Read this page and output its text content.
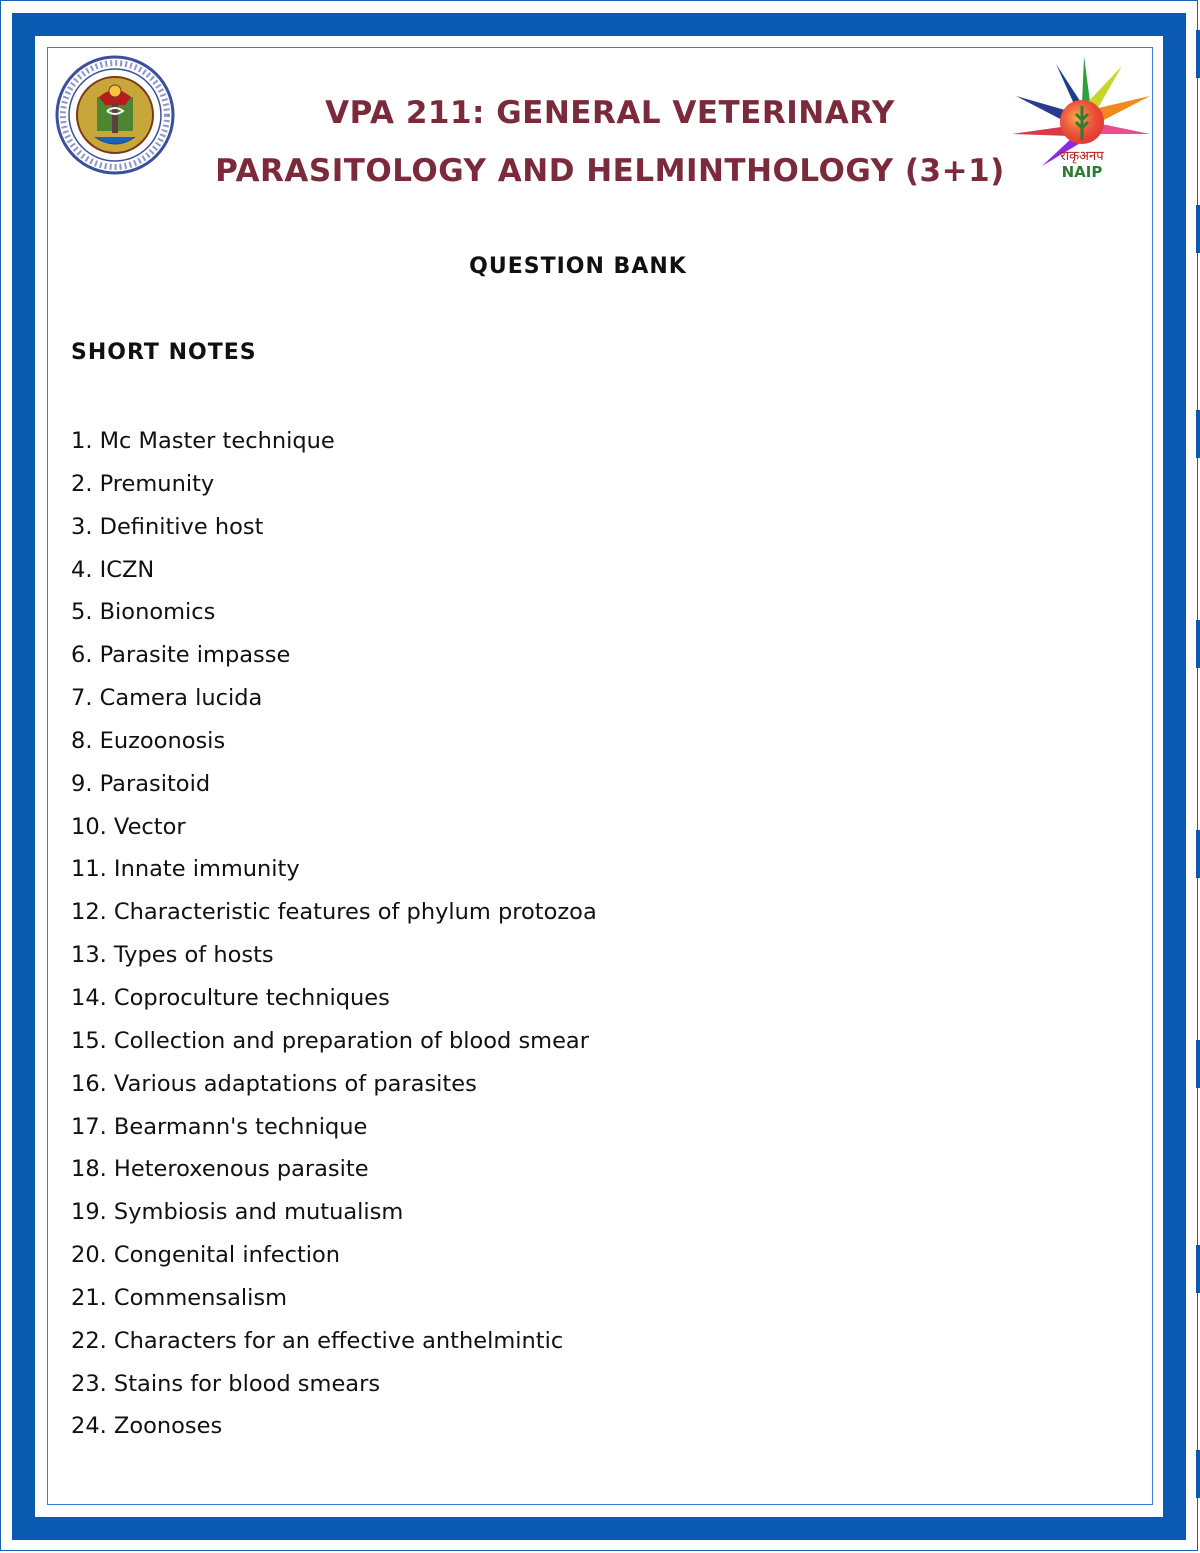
राकृअनप
NAIP
VPA 211: GENERAL VETERINARY
PARASITOLOGY AND HELMINTHOLOGY (3+1)
QUESTION BANK
SHORT NOTES
1. Mc Master technique
2. Premunity
3. Definitive host
4. ICZN
5. Bionomics
6. Parasite impasse
7. Camera lucida
8. Euzoonosis
9. Parasitoid
10. Vector
11. Innate immunity
12. Characteristic features of phylum protozoa
13. Types of hosts
14. Coproculture techniques
15. Collection and preparation of blood smear
16. Various adaptations of parasites
17. Bearmann's technique
18. Heteroxenous parasite
19. Symbiosis and mutualism
20. Congenital infection
21. Commensalism
22. Characters for an effective anthelmintic
23. Stains for blood smears
24. Zoonoses
